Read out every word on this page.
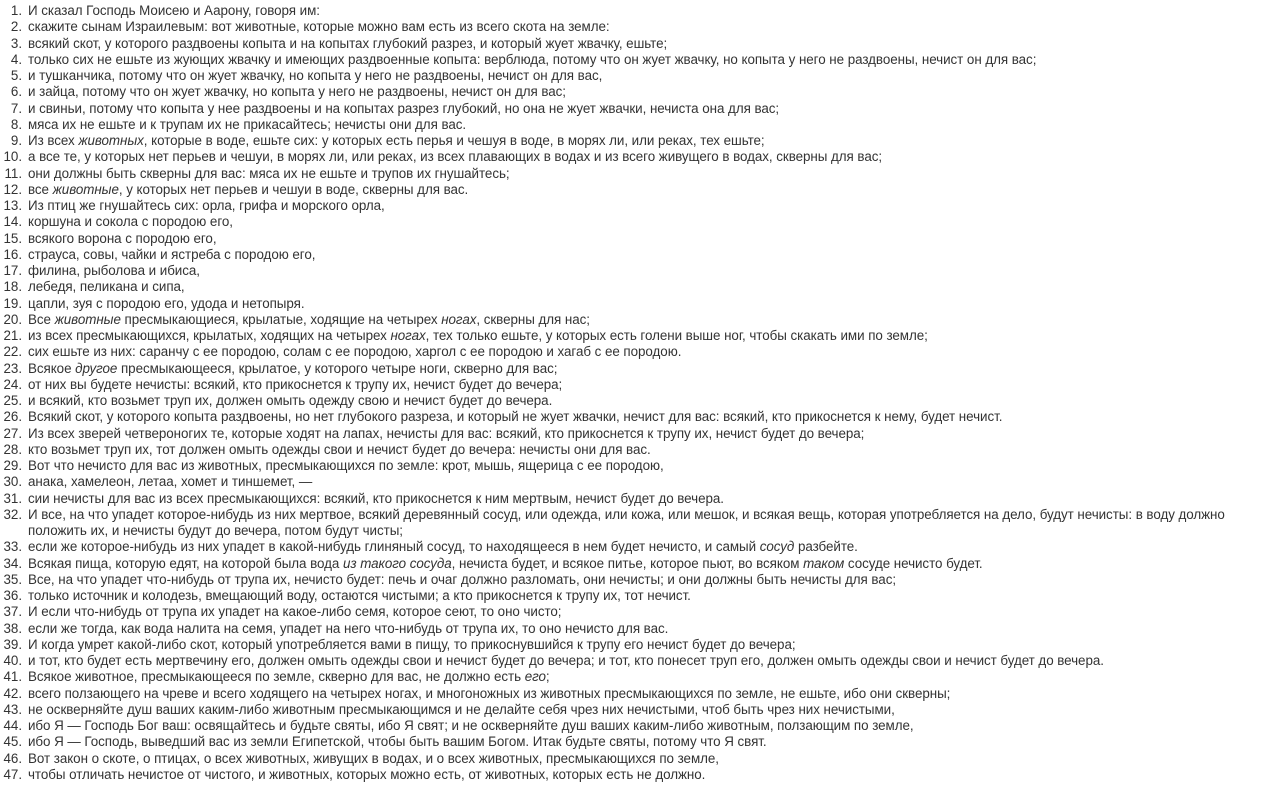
1. И сказал Господь Моисею и Аарону, говоря им:
2. скажите сынам Израилевым: вот животные, которые можно вам есть из всего скота на земле:
3. всякий скот, у которого раздвоены копыта и на копытах глубокий разрез, и который жует жвачку, ешьте;
4. только сих не ешьте из жующих жвачку и имеющих раздвоенные копыта: верблюда, потому что он жует жвачку, но копыта у него не раздвоены, нечист он для вас;
5. и тушканчика, потому что он жует жвачку, но копыта у него не раздвоены, нечист он для вас,
6. и зайца, потому что он жует жвачку, но копыта у него не раздвоены, нечист он для вас;
7. и свиньи, потому что копыта у нее раздвоены и на копытах разрез глубокий, но она не жует жвачки, нечиста она для вас;
8. мяса их не ешьте и к трупам их не прикасайтесь; нечисты они для вас.
9. Из всех животных, которые в воде, ешьте сих: у которых есть перья и чешуя в воде, в морях ли, или реках, тех ешьте;
10. а все те, у которых нет перьев и чешуи, в морях ли, или реках, из всех плавающих в водах и из всего живущего в водах, скверны для вас;
11. они должны быть скверны для вас: мяса их не ешьте и трупов их гнушайтесь;
12. все животные, у которых нет перьев и чешуи в воде, скверны для вас.
13. Из птиц же гнушайтесь сих: орла, грифа и морского орла,
14. коршуна и сокола с породою его,
15. всякого ворона с породою его,
16. страуса, совы, чайки и ястреба с породою его,
17. филина, рыболова и ибиса,
18. лебедя, пеликана и сипа,
19. цапли, зуя с породою его, удода и нетопыря.
20. Все животные пресмыкающиеся, крылатые, ходящие на четырех ногах, скверны для нас;
21. из всех пресмыкающихся, крылатых, ходящих на четырех ногах, тех только ешьте, у которых есть голени выше ног, чтобы скакать ими по земле;
22. сих ешьте из них: саранчу с ее породою, солам с ее породою, харгол с ее породою и хагаб с ее породою.
23. Всякое другое пресмыкающееся, крылатое, у которого четыре ноги, скверно для вас;
24. от них вы будете нечисты: всякий, кто прикоснется к трупу их, нечист будет до вечера;
25. и всякий, кто возьмет труп их, должен омыть одежду свою и нечист будет до вечера.
26. Всякий скот, у которого копыта раздвоены, но нет глубокого разреза, и который не жует жвачки, нечист для вас: всякий, кто прикоснется к нему, будет нечист.
27. Из всех зверей четвероногих те, которые ходят на лапах, нечисты для вас: всякий, кто прикоснется к трупу их, нечист будет до вечера;
28. кто возьмет труп их, тот должен омыть одежды свои и нечист будет до вечера: нечисты они для вас.
29. Вот что нечисто для вас из животных, пресмыкающихся по земле: крот, мышь, ящерица с ее породою,
30. анака, хамелеон, летаа, хомет и тиншемет, —
31. сии нечисты для вас из всех пресмыкающихся: всякий, кто прикоснется к ним мертвым, нечист будет до вечера.
32. И все, на что упадет которое-нибудь из них мертвое, всякий деревянный сосуд, или одежда, или кожа, или мешок, и всякая вещь, которая употребляется на дело, будут нечисты: в воду должно положить их, и нечисты будут до вечера, потом будут чисты;
33. если же которое-нибудь из них упадет в какой-нибудь глиняный сосуд, то находящееся в нем будет нечисто, и самый сосуд разбейте.
34. Всякая пища, которую едят, на которой была вода из такого сосуда, нечиста будет, и всякое питье, которое пьют, во всяком таком сосуде нечисто будет.
35. Все, на что упадет что-нибудь от трупа их, нечисто будет: печь и очаг должно разломать, они нечисты; и они должны быть нечисты для вас;
36. только источник и колодезь, вмещающий воду, остаются чистыми; а кто прикоснется к трупу их, тот нечист.
37. И если что-нибудь от трупа их упадет на какое-либо семя, которое сеют, то оно чисто;
38. если же тогда, как вода налита на семя, упадет на него что-нибудь от трупа их, то оно нечисто для вас.
39. И когда умрет какой-либо скот, который употребляется вами в пищу, то прикоснувшийся к трупу его нечист будет до вечера;
40. и тот, кто будет есть мертвечину его, должен омыть одежды свои и нечист будет до вечера; и тот, кто понесет труп его, должен омыть одежды свои и нечист будет до вечера.
41. Всякое животное, пресмыкающееся по земле, скверно для вас, не должно есть его;
42. всего ползающего на чреве и всего ходящего на четырех ногах, и многоножных из животных пресмыкающихся по земле, не ешьте, ибо они скверны;
43. не оскверняйте душ ваших каким-либо животным пресмыкающимся и не делайте себя чрез них нечистыми, чтоб быть чрез них нечистыми,
44. ибо Я — Господь Бог ваш: освящайтесь и будьте святы, ибо Я свят; и не оскверняйте душ ваших каким-либо животным, ползающим по земле,
45. ибо Я — Господь, выведший вас из земли Египетской, чтобы быть вашим Богом. Итак будьте святы, потому что Я свят.
46. Вот закон о скоте, о птицах, о всех животных, живущих в водах, и о всех животных, пресмыкающихся по земле,
47. чтобы отличать нечистое от чистого, и животных, которых можно есть, от животных, которых есть не должно.
